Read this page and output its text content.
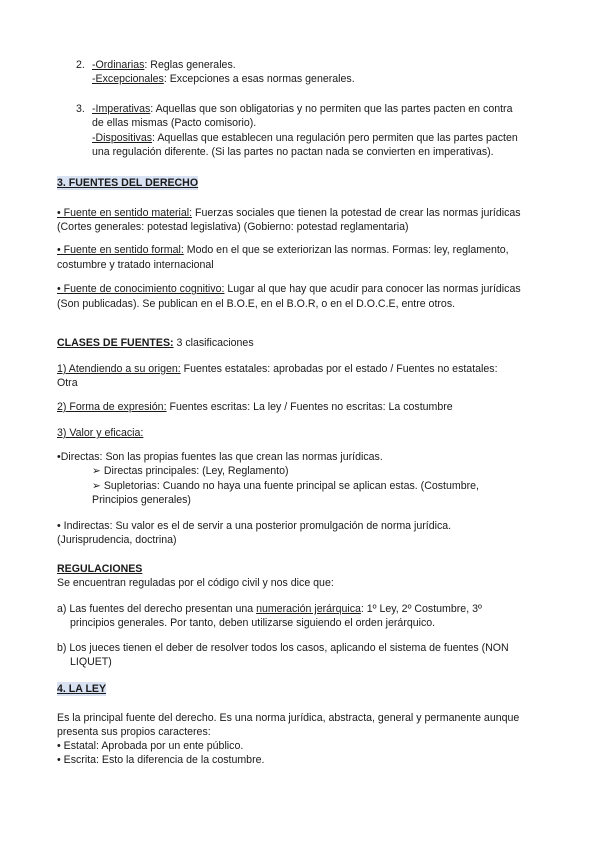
2. -Ordinarias: Reglas generales.
-Excepcionales: Excepciones a esas normas generales.
3. -Imperativas: Aquellas que son obligatorias y no permiten que las partes pacten en contra
de ellas mismas (Pacto comisorio).
-Dispositivas: Aquellas que establecen una regulación pero permiten que las partes pacten
una regulación diferente. (Si las partes no pactan nada se convierten en imperativas).
3. FUENTES DEL DERECHO
• Fuente en sentido material: Fuerzas sociales que tienen la potestad de crear las normas jurídicas
(Cortes generales: potestad legislativa) (Gobierno: potestad reglamentaria)
• Fuente en sentido formal: Modo en el que se exteriorizan las normas. Formas: ley, reglamento,
costumbre y tratado internacional
• Fuente de conocimiento cognitivo: Lugar al que hay que acudir para conocer las normas jurídicas
(Son publicadas). Se publican en el B.O.E, en el B.O.R, o en el D.O.C.E, entre otros.
CLASES DE FUENTES: 3 clasificaciones
1) Atendiendo a su origen: Fuentes estatales: aprobadas por el estado / Fuentes no estatales:
Otra
2) Forma de expresión: Fuentes escritas: La ley / Fuentes no escritas: La costumbre
3) Valor y eficacia:
•Directas: Son las propias fuentes las que crean las normas jurídicas.
➢ Directas principales: (Ley, Reglamento)
➢ Supletorias: Cuando no haya una fuente principal se aplican estas. (Costumbre,
Principios generales)
• Indirectas: Su valor es el de servir a una posterior promulgación de norma jurídica.
(Jurisprudencia, doctrina)
REGULACIONES
Se encuentran reguladas por el código civil y nos dice que:
a) Las fuentes del derecho presentan una numeración jerárquica: 1º Ley, 2º Costumbre, 3º
principios generales. Por tanto, deben utilizarse siguiendo el orden jerárquico.
b) Los jueces tienen el deber de resolver todos los casos, aplicando el sistema de fuentes (NON
LIQUET)
4. LA LEY
Es la principal fuente del derecho. Es una norma jurídica, abstracta, general y permanente aunque
presenta sus propios caracteres:
• Estatal: Aprobada por un ente público.
• Escrita: Esto la diferencia de la costumbre.
